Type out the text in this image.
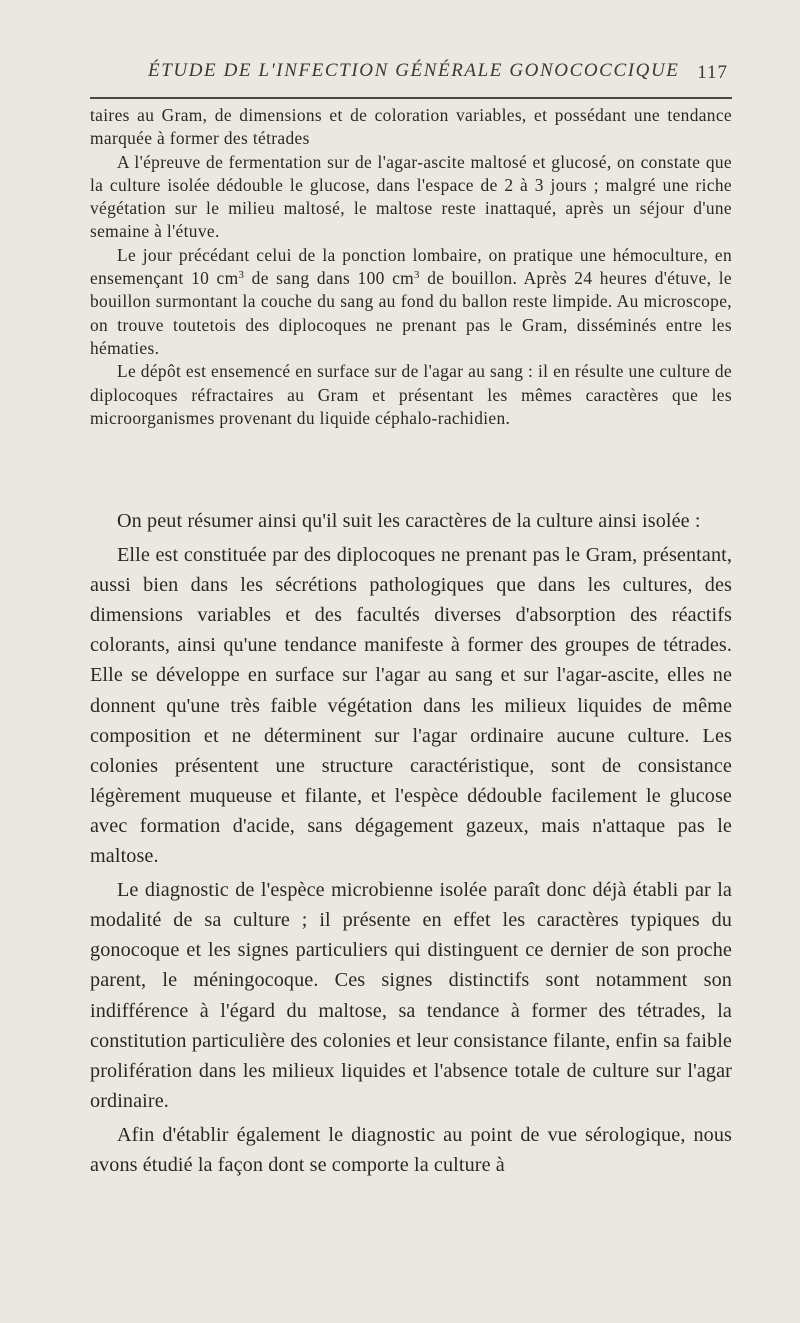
ÉTUDE DE L'INFECTION GÉNÉRALE GONOCOCCIQUE 117

taires au Gram, de dimensions et de coloration variables, et possédant une tendance marquée à former des tétrades

A l'épreuve de fermentation sur de l'agar-ascite maltosé et glucosé, on constate que la culture isolée dédouble le glucose, dans l'espace de 2 à 3 jours ; malgré une riche végétation sur le milieu maltosé, le maltose reste inattaqué, après un séjour d'une semaine à l'étuve.

Le jour précédant celui de la ponction lombaire, on pratique une hémoculture, en ensemençant 10 $cm^3$ de sang dans 100 $cm^3$ de bouillon. Après 24 heures d'étuve, le bouillon surmontant la couche du sang au fond du ballon reste limpide. Au microscope, on trouve toutetois des diplocoques ne prenant pas le Gram, disséminés entre les hématies.

Le dépôt est ensemencé en surface sur de l'agar au sang : il en résulte une culture de diplocoques réfractaires au Gram et présentant les mêmes caractères que les microorganismes provenant du liquide céphalo-rachidien.

On peut résumer ainsi qu'il suit les caractères de la culture ainsi isolée :

Elle est constituée par des diplocoques ne prenant pas le Gram, présentant, aussi bien dans les sécrétions pathologiques que dans les cultures, des dimensions variables et des facultés diverses d'absorption des réactifs colorants, ainsi qu'une tendance manifeste à former des groupes de tétrades. Elle se développe en surface sur l'agar au sang et sur l'agar-ascite, elles ne donnent qu'une très faible végétation dans les milieux liquides de même composition et ne déterminent sur l'agar ordinaire aucune culture. Les colonies présentent une structure caractéristique, sont de consistance légèrement muqueuse et filante, et l'espèce dédouble facilement le glucose avec formation d'acide, sans dégagement gazeux, mais n'attaque pas le maltose.

Le diagnostic de l'espèce microbienne isolée paraît donc déjà établi par la modalité de sa culture ; il présente en effet les caractères typiques du gonocoque et les signes particuliers qui distinguent ce dernier de son proche parent, le méningocoque. Ces signes distinctifs sont notamment son indifférence à l'égard du maltose, sa tendance à former des tétrades, la constitution particulière des colonies et leur consistance filante, enfin sa faible prolifération dans les milieux liquides et l'absence totale de culture sur l'agar ordinaire.

Afin d'établir également le diagnostic au point de vue sérologique, nous avons étudié la façon dont se comporte la culture à
